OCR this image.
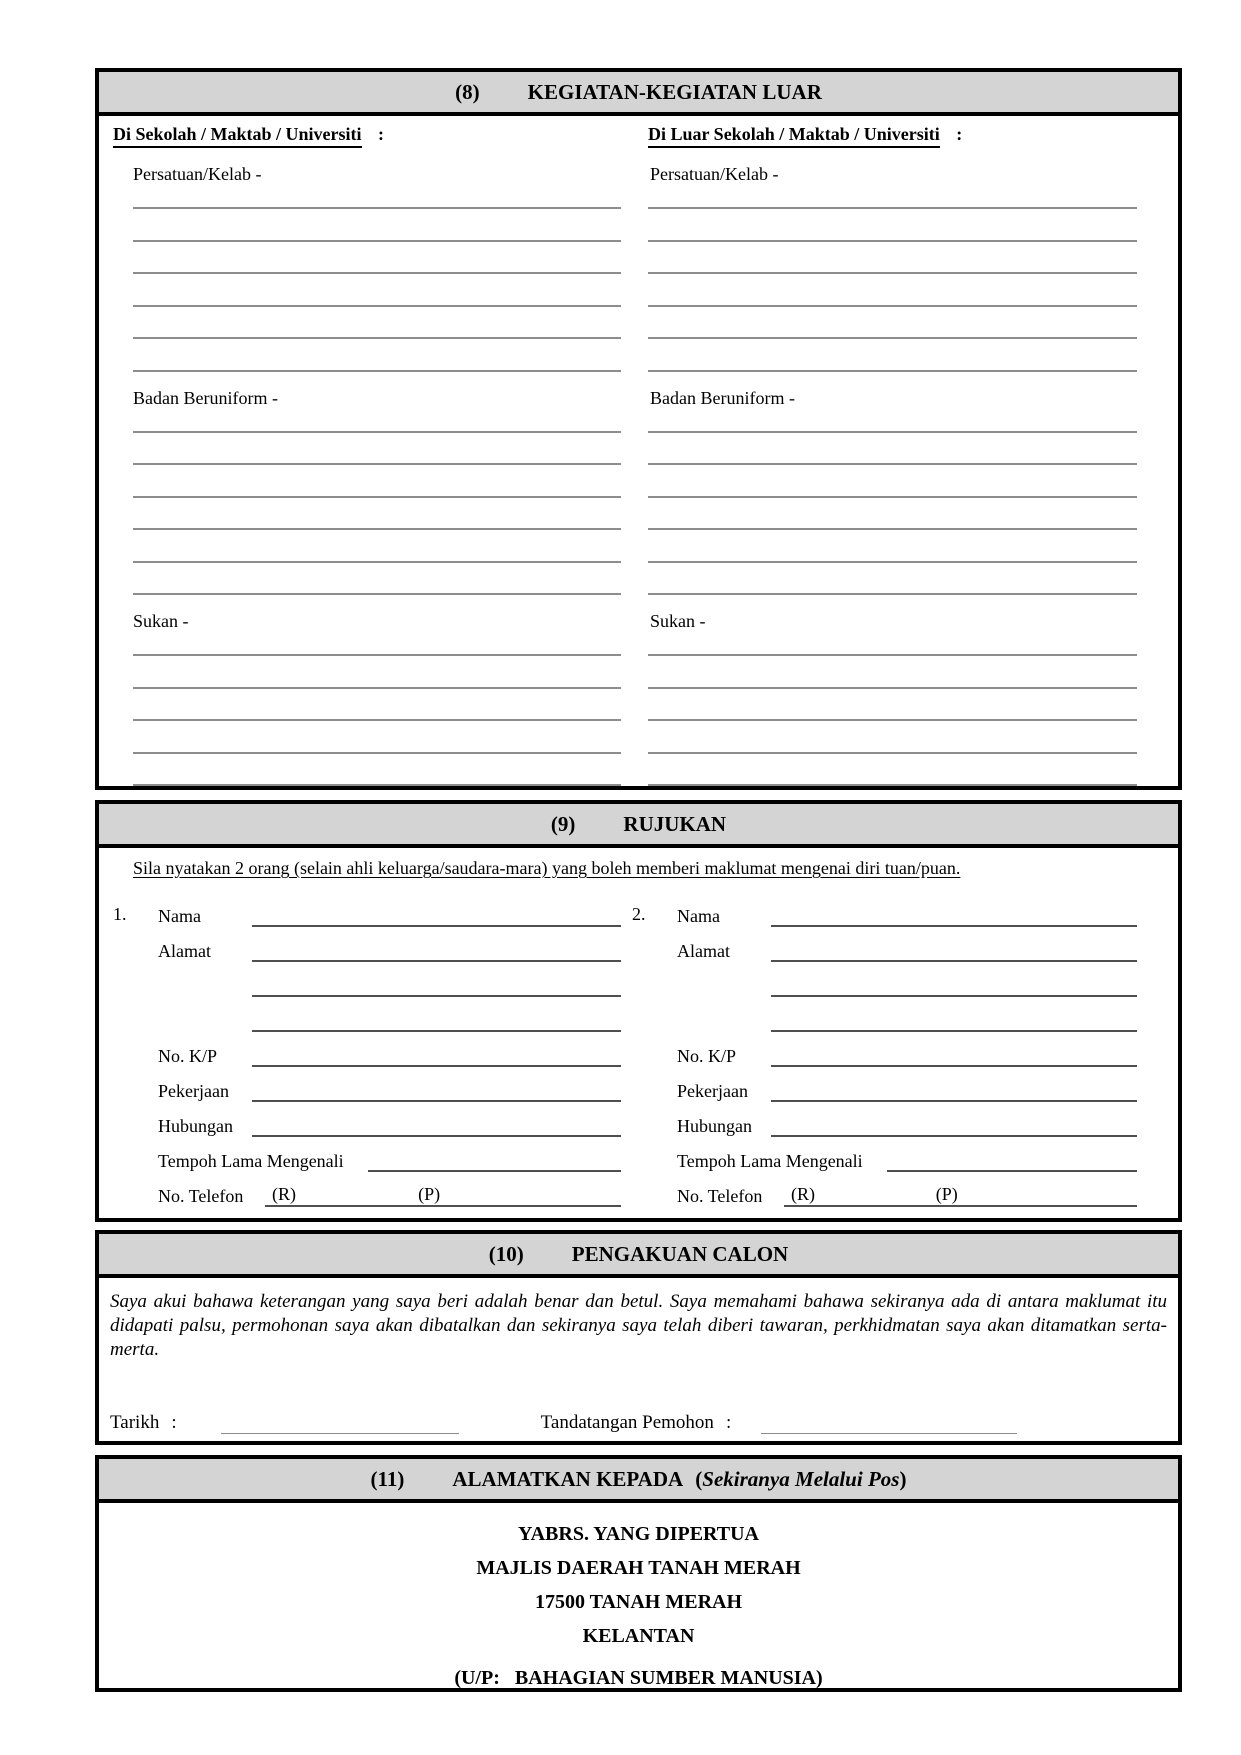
(8) KEGIATAN-KEGIATAN LUAR
Di Sekolah / Maktab / Universiti :
Persatuan/Kelab -
Badan Beruniform -
Sukan -
Di Luar Sekolah / Maktab / Universiti :
Persatuan/Kelab -
Badan Beruniform -
Sukan -
(9) RUJUKAN
Sila nyatakan 2 orang (selain ahli keluarga/saudara-mara) yang boleh memberi maklumat mengenai diri tuan/puan.
1. Nama
Alamat
No. K/P
Pekerjaan
Hubungan
Tempoh Lama Mengenali
No. Telefon	(R)	(P)
2. Nama
Alamat
No. K/P
Pekerjaan
Hubungan
Tempoh Lama Mengenali
No. Telefon	(R)	(P)
(10) PENGAKUAN CALON

Saya akui bahawa keterangan yang saya beri adalah benar dan betul. Saya memahami bahawa sekiranya ada di antara maklumat itu didapati palsu, permohonan saya akan dibatalkan dan sekiranya saya telah diberi tawaran, perkhidmatan saya akan ditamatkan serta-merta.

Tarikh :	Tandatangan Pemohon :
(11) ALAMATKAN KEPADA (Sekiranya Melalui Pos)
YABRS. YANG DIPERTUA
MAJLIS DAERAH TANAH MERAH
17500 TANAH MERAH
KELANTAN
(U/P:   BAHAGIAN SUMBER MANUSIA)
